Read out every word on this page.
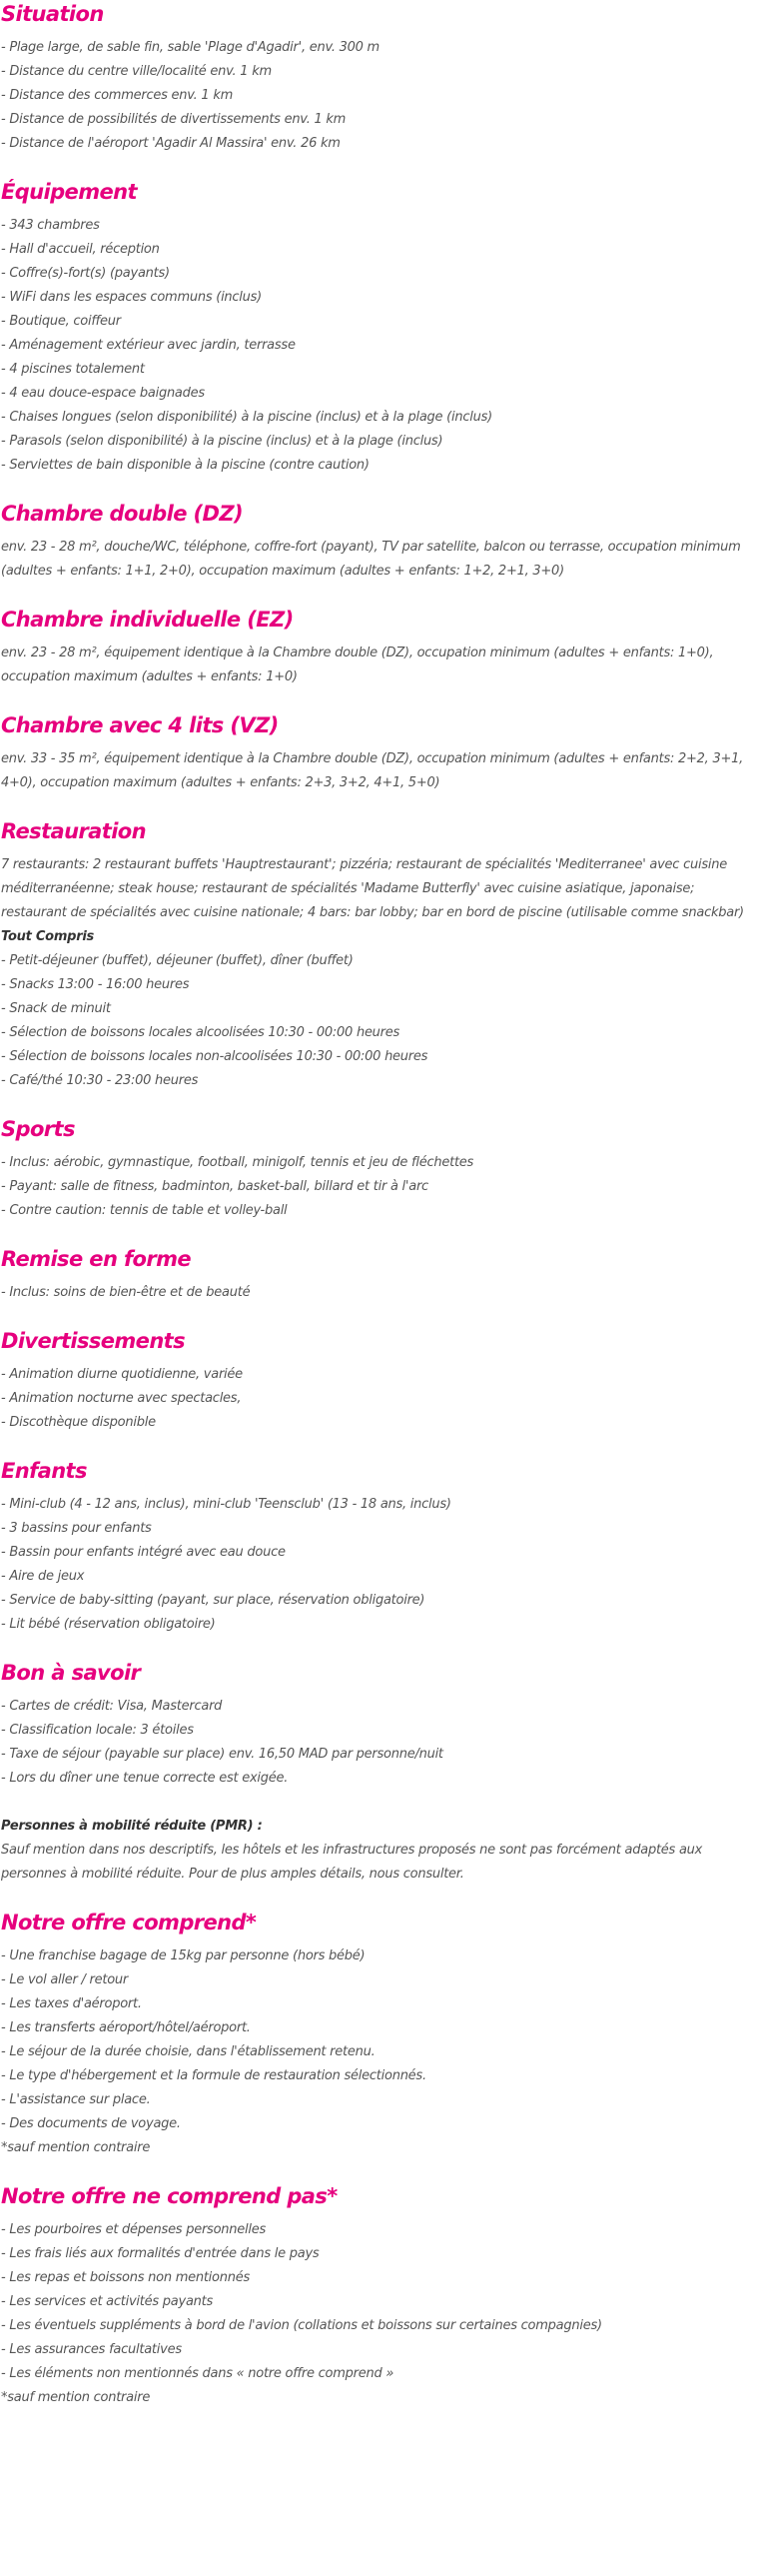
Situation
- Plage large, de sable fin, sable 'Plage d'Agadir', env. 300 m
- Distance du centre ville/localité env. 1 km
- Distance des commerces env. 1 km
- Distance de possibilités de divertissements env. 1 km
- Distance de l'aéroport 'Agadir Al Massira' env. 26 km
Équipement
- 343 chambres
- Hall d'accueil, réception
- Coffre(s)-fort(s) (payants)
- WiFi dans les espaces communs (inclus)
- Boutique, coiffeur
- Aménagement extérieur avec jardin, terrasse
- 4 piscines totalement
- 4 eau douce-espace baignades
- Chaises longues (selon disponibilité) à la piscine (inclus) et à la plage (inclus)
- Parasols (selon disponibilité) à la piscine (inclus) et à la plage (inclus)
- Serviettes de bain disponible à la piscine (contre caution)
Chambre double (DZ)
env. 23 - 28 m², douche/WC, téléphone, coffre-fort (payant), TV par satellite, balcon ou terrasse, occupation minimum (adultes + enfants: 1+1, 2+0), occupation maximum (adultes + enfants: 1+2, 2+1, 3+0)
Chambre individuelle (EZ)
env. 23 - 28 m², équipement identique à la Chambre double (DZ), occupation minimum (adultes + enfants: 1+0), occupation maximum (adultes + enfants: 1+0)
Chambre avec 4 lits (VZ)
env. 33 - 35 m², équipement identique à la Chambre double (DZ), occupation minimum (adultes + enfants: 2+2, 3+1, 4+0), occupation maximum (adultes + enfants: 2+3, 3+2, 4+1, 5+0)
Restauration
7 restaurants: 2 restaurant buffets 'Hauptrestaurant'; pizzéria; restaurant de spécialités 'Mediterranee' avec cuisine méditerranéenne; steak house; restaurant de spécialités 'Madame Butterfly' avec cuisine asiatique, japonaise; restaurant de spécialités avec cuisine nationale; 4 bars: bar lobby; bar en bord de piscine (utilisable comme snackbar)
Tout Compris
- Petit-déjeuner (buffet), déjeuner (buffet), dîner (buffet)
- Snacks 13:00 - 16:00 heures
- Snack de minuit
- Sélection de boissons locales alcoolisées 10:30 - 00:00 heures
- Sélection de boissons locales non-alcoolisées 10:30 - 00:00 heures
- Café/thé 10:30 - 23:00 heures
Sports
- Inclus: aérobic, gymnastique, football, minigolf, tennis et jeu de fléchettes
- Payant: salle de fitness, badminton, basket-ball, billard et tir à l'arc
- Contre caution: tennis de table et volley-ball
Remise en forme
- Inclus: soins de bien-être et de beauté
Divertissements
- Animation diurne quotidienne, variée
- Animation nocturne avec spectacles,
- Discothèque disponible
Enfants
- Mini-club (4 - 12 ans, inclus), mini-club 'Teensclub' (13 - 18 ans, inclus)
- 3 bassins pour enfants
- Bassin pour enfants intégré avec eau douce
- Aire de jeux
- Service de baby-sitting (payant, sur place, réservation obligatoire)
- Lit bébé (réservation obligatoire)
Bon à savoir
- Cartes de crédit: Visa, Mastercard
- Classification locale: 3 étoiles
- Taxe de séjour (payable sur place) env. 16,50 MAD par personne/nuit
- Lors du dîner une tenue correcte est exigée.
Personnes à mobilité réduite (PMR) :
Sauf mention dans nos descriptifs, les hôtels et les infrastructures proposés ne sont pas forcément adaptés aux personnes à mobilité réduite. Pour de plus amples détails, nous consulter.
Notre offre comprend*
- Une franchise bagage de 15kg par personne (hors bébé)
- Le vol aller / retour
- Les taxes d'aéroport.
- Les transferts aéroport/hôtel/aéroport.
- Le séjour de la durée choisie, dans l'établissement retenu.
- Le type d'hébergement et la formule de restauration sélectionnés.
- L'assistance sur place.
- Des documents de voyage.
*sauf mention contraire
Notre offre ne comprend pas*
- Les pourboires et dépenses personnelles
- Les frais liés aux formalités d'entrée dans le pays
- Les repas et boissons non mentionnés
- Les services et activités payants
- Les éventuels suppléments à bord de l'avion (collations et boissons sur certaines compagnies)
- Les assurances facultatives
- Les éléments non mentionnés dans « notre offre comprend »
*sauf mention contraire
